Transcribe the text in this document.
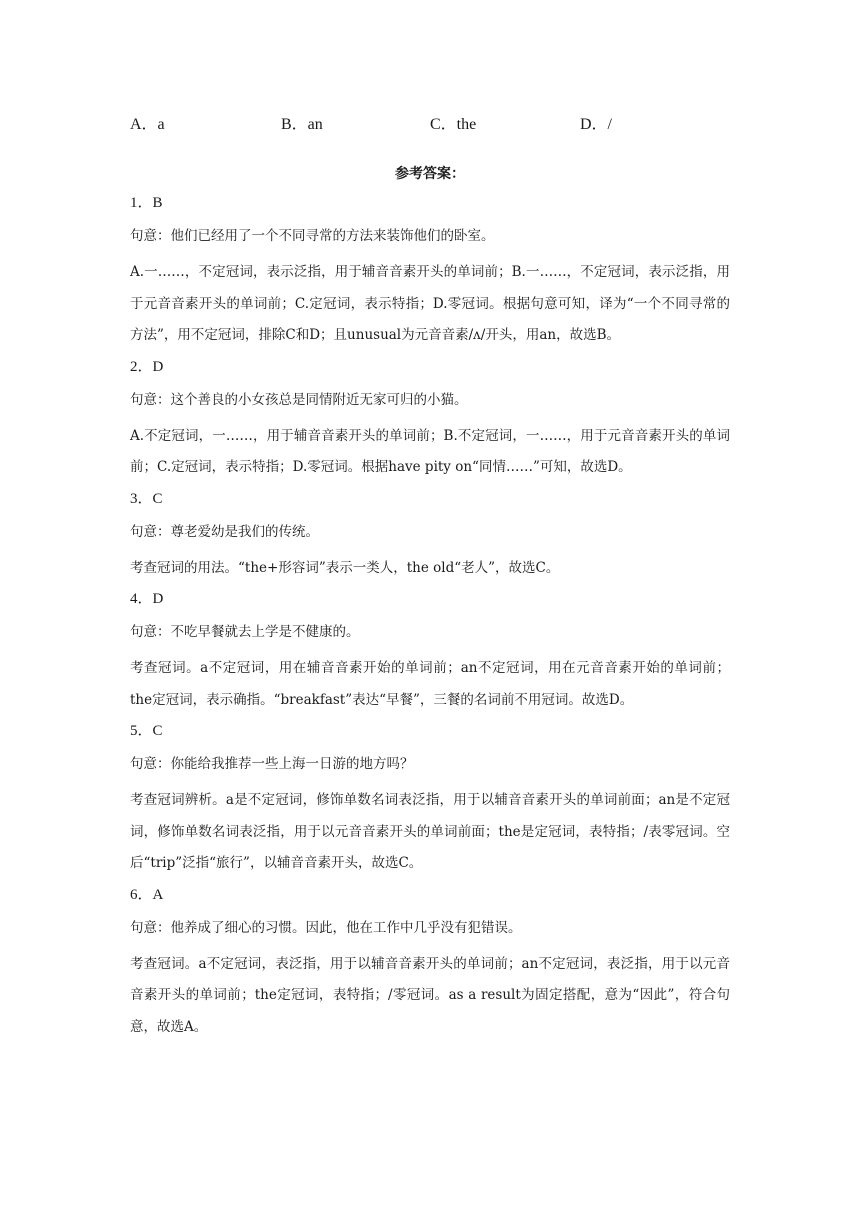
A．a	B．an	C．the	D．/
参考答案：

1．B

句意：他们已经用了一个不同寻常的方法来装饰他们的卧室。

A.一……，不定冠词，表示泛指，用于辅音音素开头的单词前；B.一……，不定冠词，表示泛指，用于元音音素开头的单词前；C.定冠词，表示特指；D.零冠词。根据句意可知，译为“一个不同寻常的方法”，用不定冠词，排除C和D；且unusual为元音音素/ʌ/开头，用an，故选B。

2．D

句意：这个善良的小女孩总是同情附近无家可归的小猫。

A.不定冠词，一……，用于辅音音素开头的单词前；B.不定冠词，一……，用于元音音素开头的单词前；C.定冠词，表示特指；D.零冠词。根据have pity on“同情……”可知，故选D。

3．C

句意：尊老爱幼是我们的传统。

考查冠词的用法。“the+形容词”表示一类人，the old“老人”，故选C。

4．D

句意：不吃早餐就去上学是不健康的。

考查冠词。a不定冠词，用在辅音音素开始的单词前；an不定冠词，用在元音音素开始的单词前；the定冠词，表示确指。“breakfast”表达“早餐”，三餐的名词前不用冠词。故选D。

5．C

句意：你能给我推荐一些上海一日游的地方吗？

考查冠词辨析。a是不定冠词，修饰单数名词表泛指，用于以辅音音素开头的单词前面；an是不定冠词，修饰单数名词表泛指，用于以元音音素开头的单词前面；the是定冠词，表特指；/表零冠词。空后“trip”泛指“旅行”，以辅音音素开头，故选C。

6．A

句意：他养成了细心的习惯。因此，他在工作中几乎没有犯错误。

考查冠词。a不定冠词，表泛指，用于以辅音音素开头的单词前；an不定冠词，表泛指，用于以元音音素开头的单词前；the定冠词，表特指；/零冠词。as a result为固定搭配，意为“因此”，符合句意，故选A。
